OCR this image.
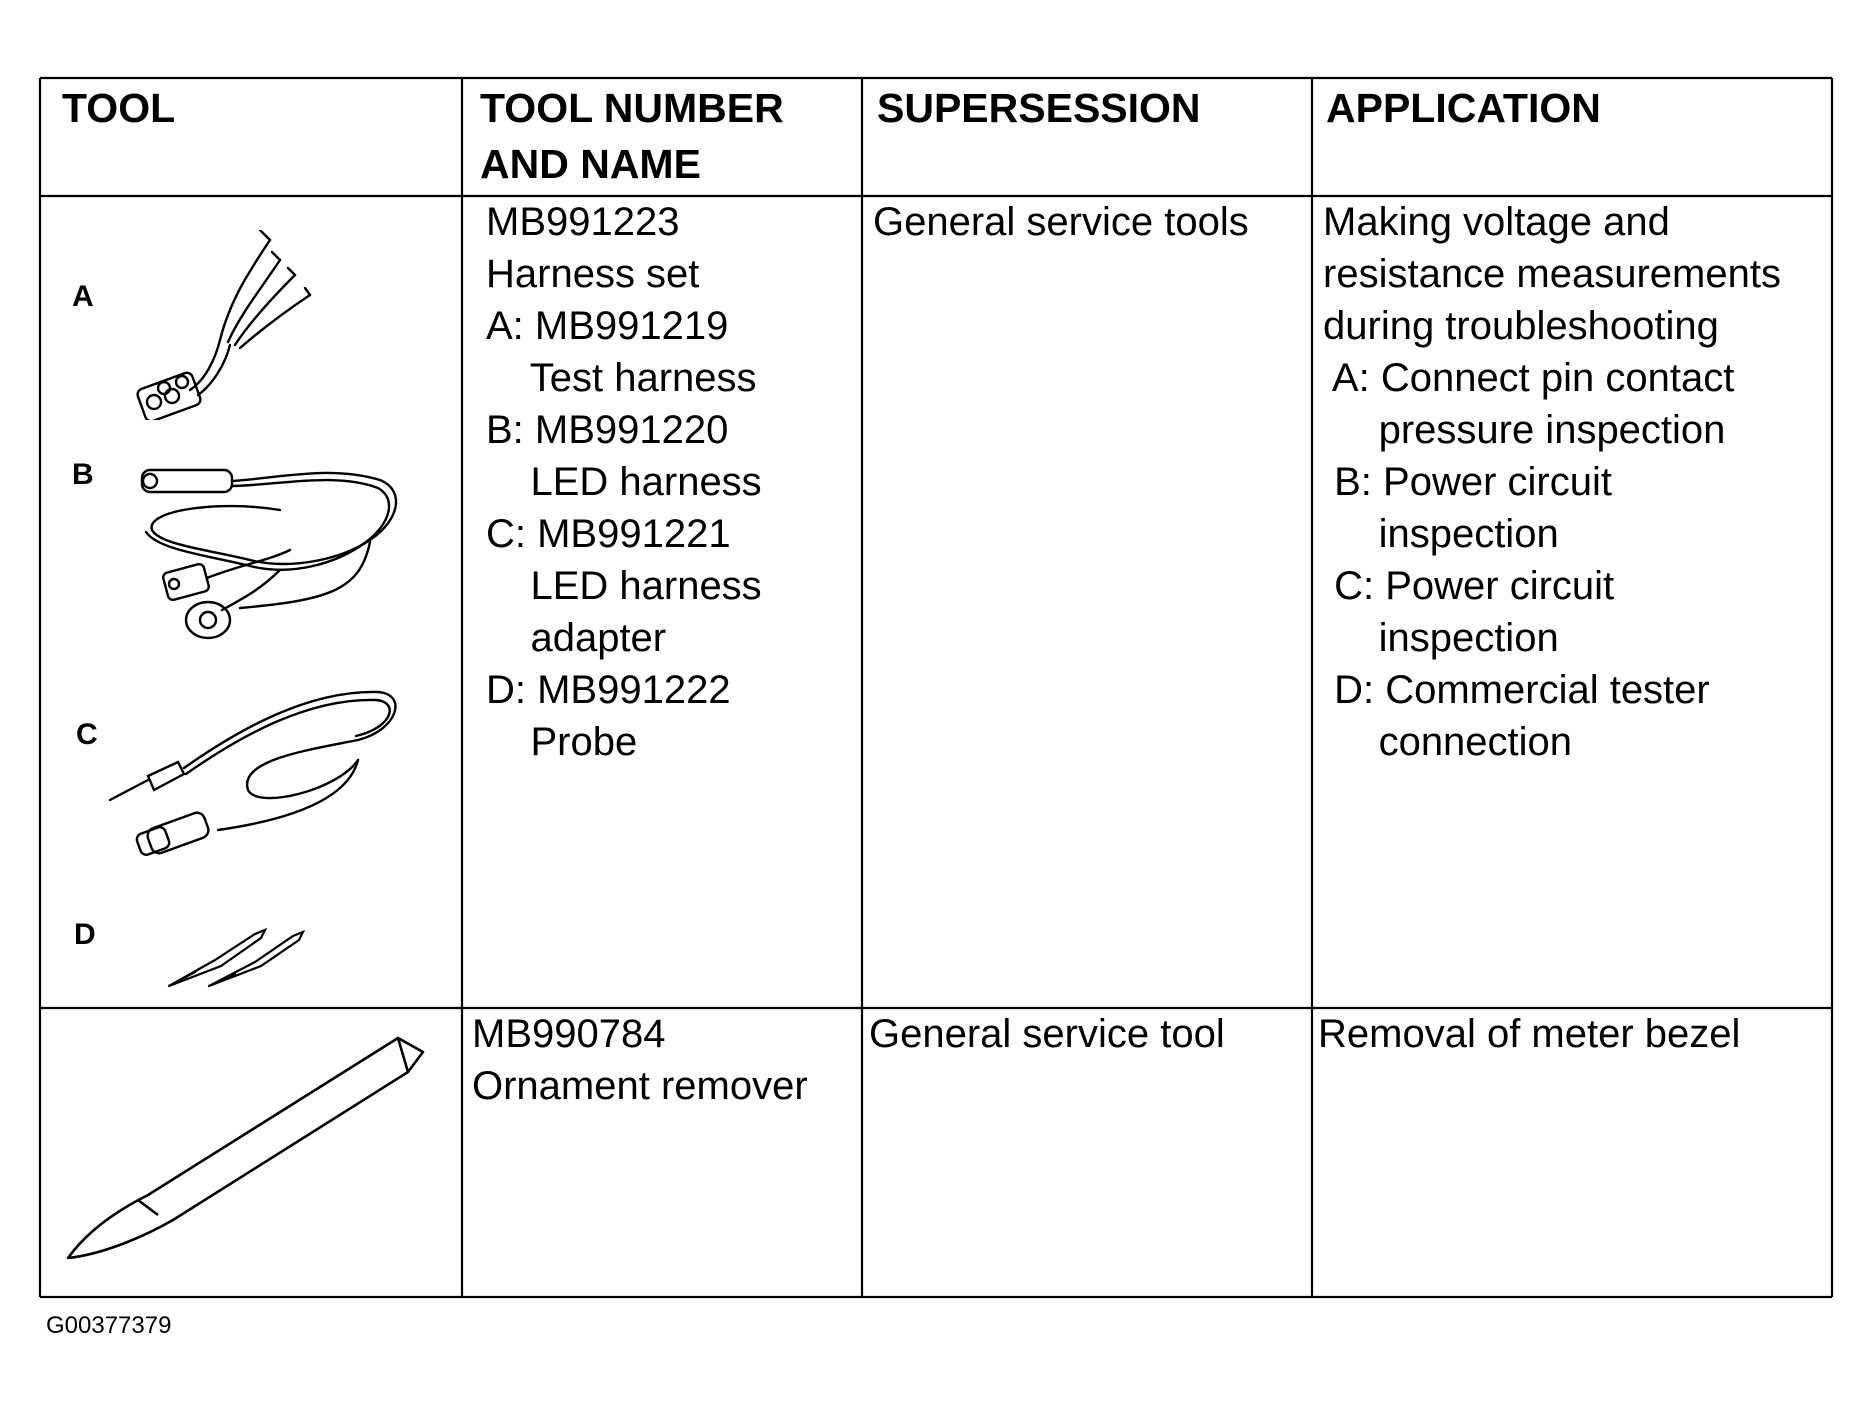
TOOL	TOOL NUMBER
AND NAME
SUPERSESSION	APPLICATION
A
B
C
D
MB991223
Harness set
A: MB991219
Test harness
B: MB991220
LED harness
C: MB991221
LED harness
adapter
D: MB991222
Probe
General service tools Making voltage and
resistance measurements
during troubleshooting
A: Connect pin contact
pressure inspection
B: Power circuit
inspection
C: Power circuit
inspection
D: Commercial tester
connection
MB990784
Ornament remover
General service tool Removal of meter bezel
G00377379
